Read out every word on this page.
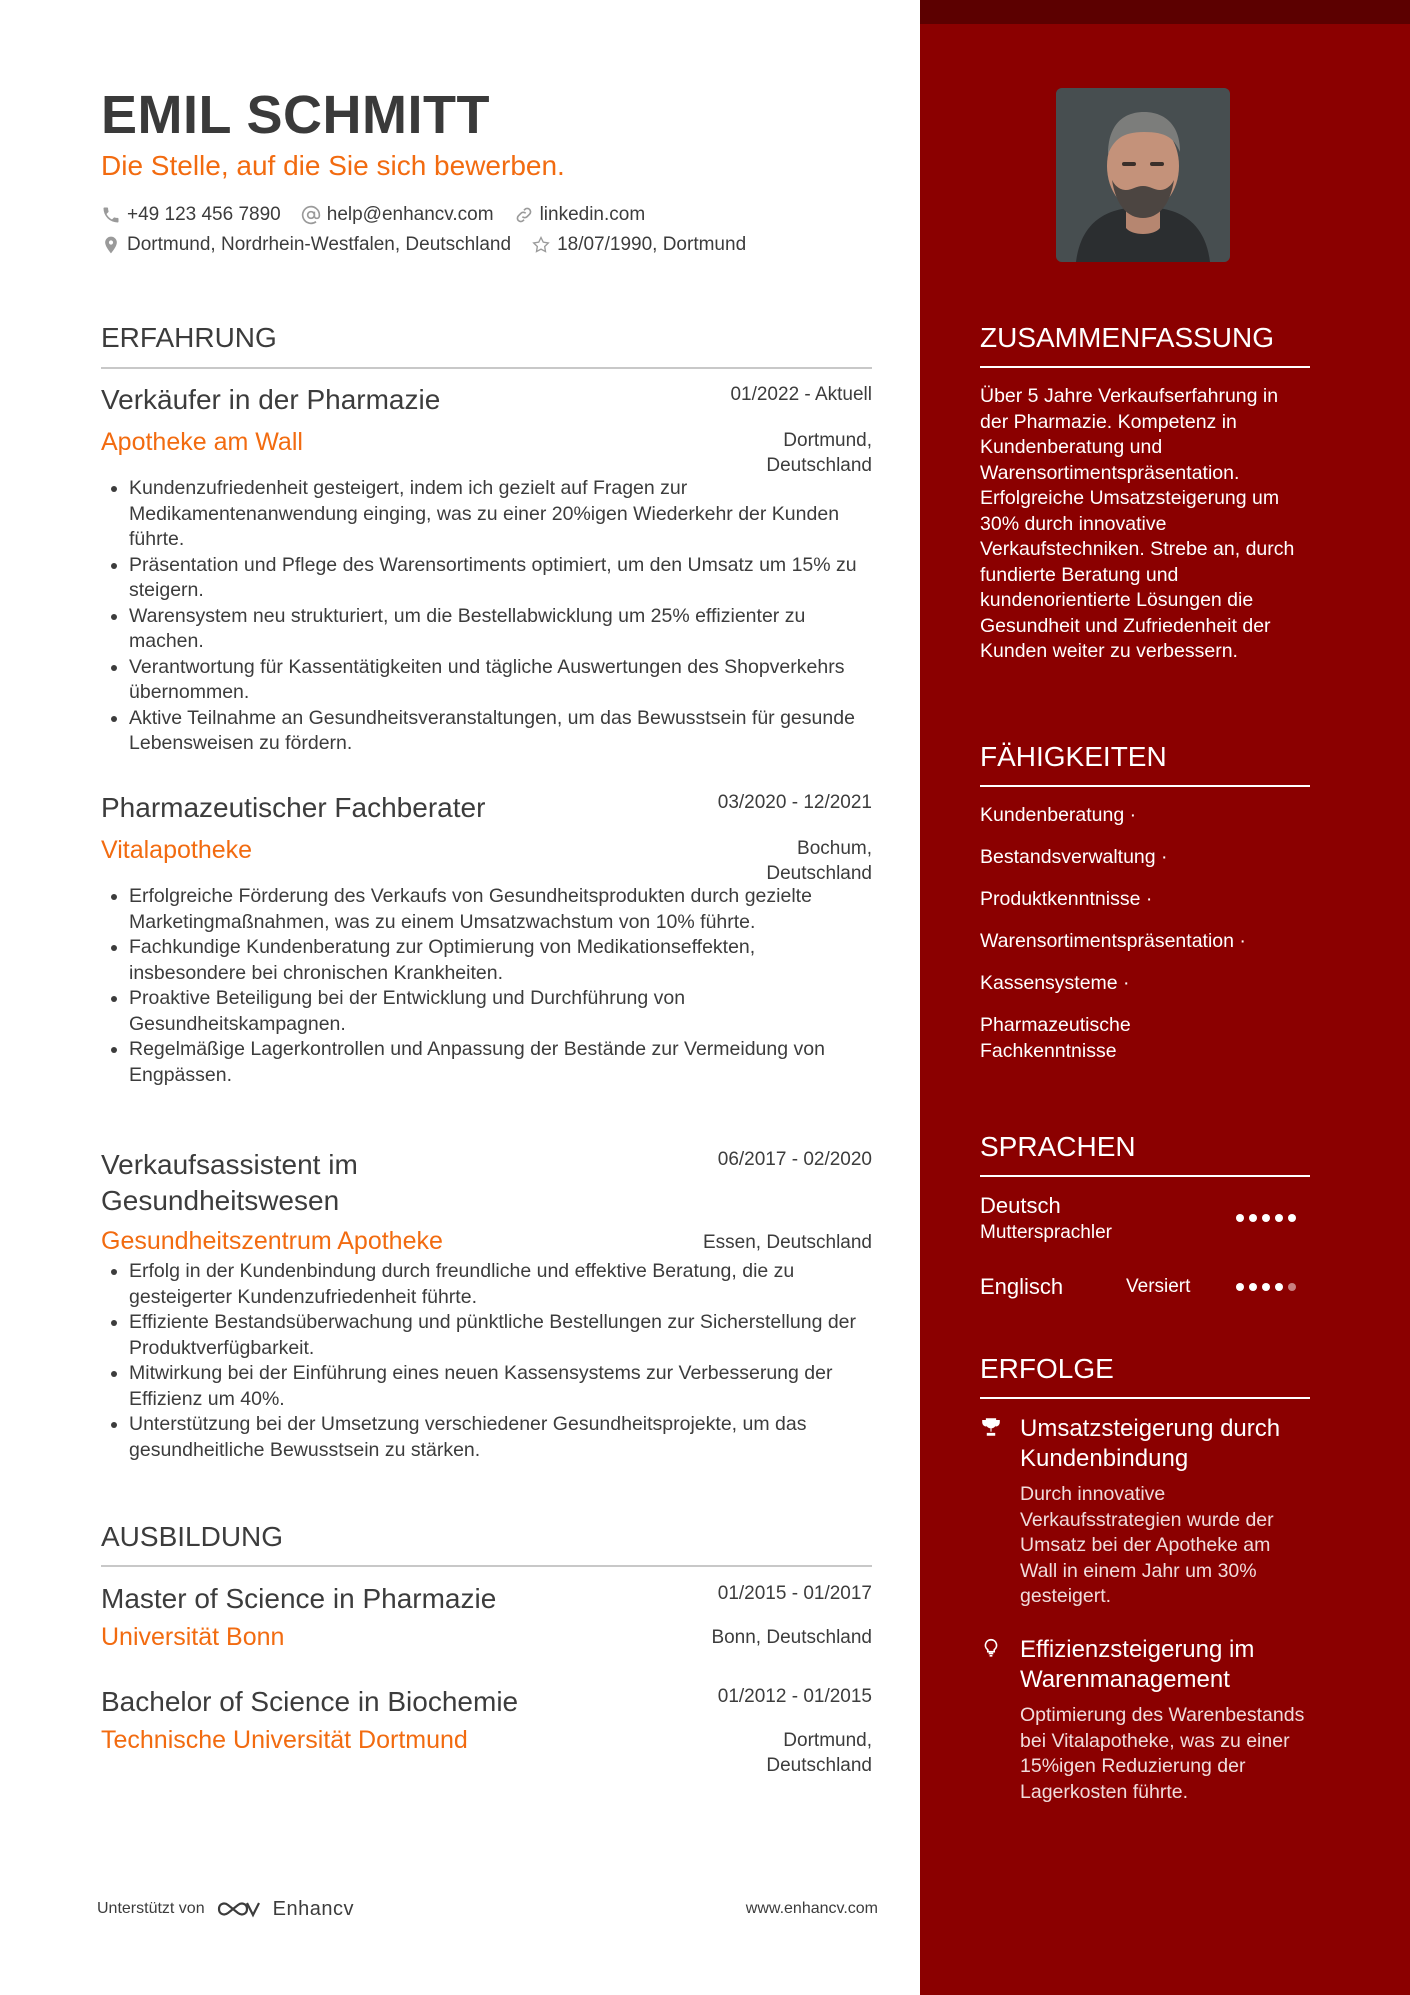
EMIL SCHMITT
Die Stelle, auf die Sie sich bewerben.
+49 123 456 7890 help@enhancv.com linkedin.com
Dortmund, Nordrhein-Westfalen, Deutschland 18/07/1990, Dortmund
ERFAHRUNG
Verkäufer in der Pharmazie	01/2022 - Aktuell
Apotheke am Wall	Dortmund,
Deutschland
Kundenzufriedenheit gesteigert, indem ich gezielt auf Fragen zur Medikamentenanwendung einging, was zu einer 20%igen Wiederkehr der Kunden führte.
Präsentation und Pflege des Warensortiments optimiert, um den Umsatz um 15% zu steigern.
Warensystem neu strukturiert, um die Bestellabwicklung um 25% effizienter zu machen.
Verantwortung für Kassentätigkeiten und tägliche Auswertungen des Shopverkehrs übernommen.
Aktive Teilnahme an Gesundheitsveranstaltungen, um das Bewusstsein für gesunde Lebensweisen zu fördern.
Pharmazeutischer Fachberater	03/2020 - 12/2021
Vitalapotheke	Bochum,
Deutschland
Erfolgreiche Förderung des Verkaufs von Gesundheitsprodukten durch gezielte Marketingmaßnahmen, was zu einem Umsatzwachstum von 10% führte.
Fachkundige Kundenberatung zur Optimierung von Medikationseffekten, insbesondere bei chronischen Krankheiten.
Proaktive Beteiligung bei der Entwicklung und Durchführung von Gesundheitskampagnen.
Regelmäßige Lagerkontrollen und Anpassung der Bestände zur Vermeidung von Engpässen.
Verkaufsassistent im
Gesundheitswesen
06/2017 - 02/2020
Gesundheitszentrum Apotheke	Essen, Deutschland
Erfolg in der Kundenbindung durch freundliche und effektive Beratung, die zu gesteigerter Kundenzufriedenheit führte.
Effiziente Bestandsüberwachung und pünktliche Bestellungen zur Sicherstellung der Produktverfügbarkeit.
Mitwirkung bei der Einführung eines neuen Kassensystems zur Verbesserung der Effizienz um 40%.
Unterstützung bei der Umsetzung verschiedener Gesundheitsprojekte, um das gesundheitliche Bewusstsein zu stärken.
AUSBILDUNG
Master of Science in Pharmazie	01/2015 - 01/2017
Universität Bonn	Bonn, Deutschland
Bachelor of Science in Biochemie	01/2012 - 01/2015
Technische Universität Dortmund	Dortmund,
Deutschland
Unterstützt von	Enhancv	www.enhancv.com
ZUSAMMENFASSUNG
Über 5 Jahre Verkaufserfahrung in der Pharmazie. Kompetenz in Kundenberatung und Warensortimentspräsentation. Erfolgreiche Umsatzsteigerung um 30% durch innovative Verkaufstechniken. Strebe an, durch fundierte Beratung und kundenorientierte Lösungen die Gesundheit und Zufriedenheit der Kunden weiter zu verbessern.
FÄHIGKEITEN
Kundenberatung ·
Bestandsverwaltung ·
Produktkenntnisse ·
Warensortimentspräsentation ·
Kassensysteme ·
Pharmazeutische Fachkenntnisse
SPRACHEN
Deutsch
Muttersprachler
Englisch	Versiert
ERFOLGE
Umsatzsteigerung durch Kundenbindung
Durch innovative Verkaufsstrategien wurde der Umsatz bei der Apotheke am Wall in einem Jahr um 30% gesteigert.
Effizienzsteigerung im Warenmanagement
Optimierung des Warenbestands bei Vitalapotheke, was zu einer 15%igen Reduzierung der Lagerkosten führte.
